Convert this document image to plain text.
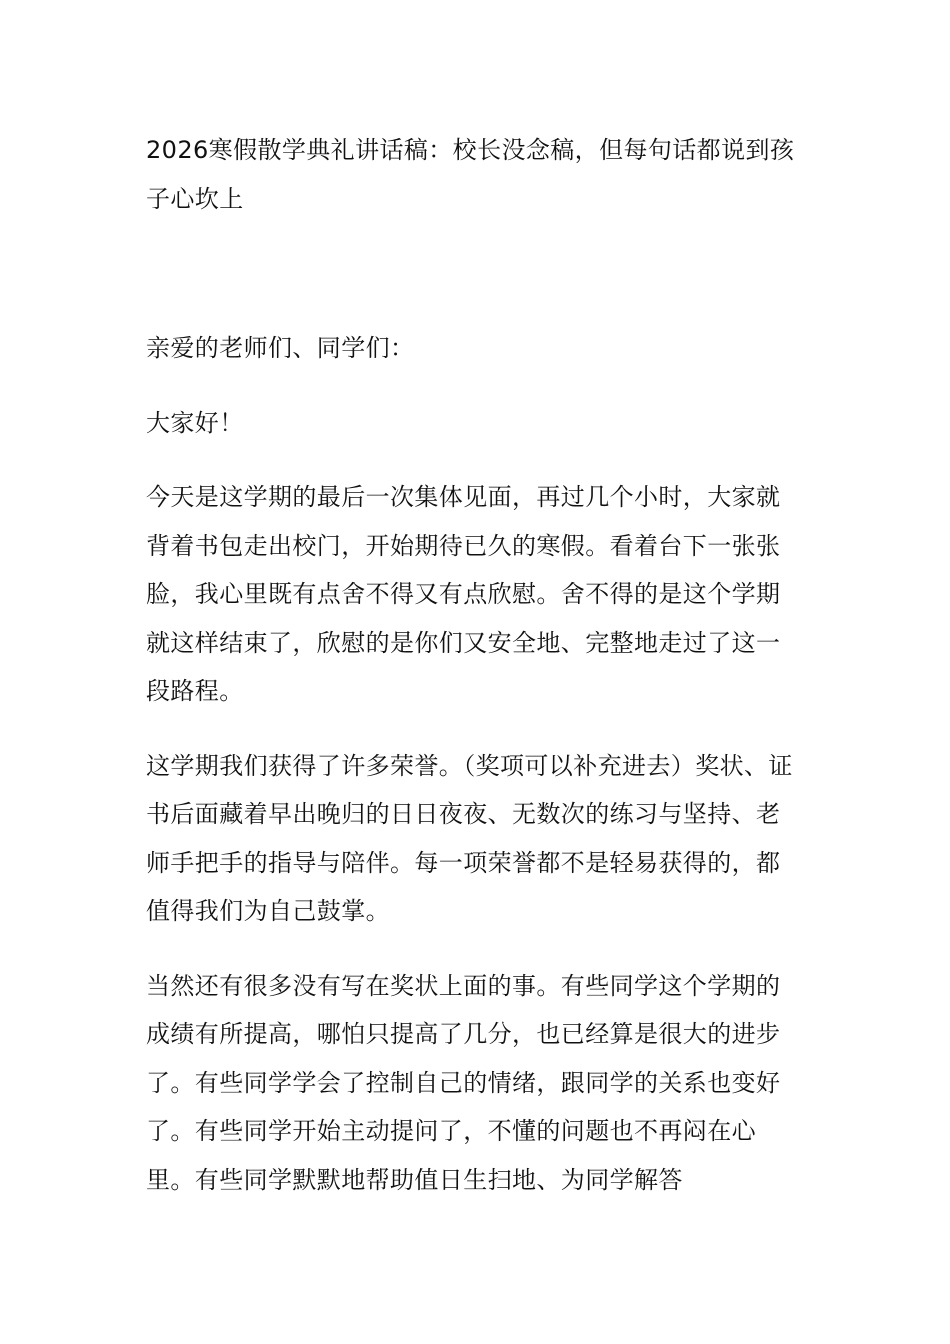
2026寒假散学典礼讲话稿：校长没念稿，但每句话都说到孩子心坎上

亲爱的老师们、同学们：

大家好！

今天是这学期的最后一次集体见面，再过几个小时，大家就背着书包走出校门，开始期待已久的寒假。看着台下一张张脸，我心里既有点舍不得又有点欣慰。舍不得的是这个学期就这样结束了，欣慰的是你们又安全地、完整地走过了这一段路程。

这学期我们获得了许多荣誉。（奖项可以补充进去）奖状、证书后面藏着早出晚归的日日夜夜、无数次的练习与坚持、老师手把手的指导与陪伴。每一项荣誉都不是轻易获得的，都值得我们为自己鼓掌。

当然还有很多没有写在奖状上面的事。有些同学这个学期的成绩有所提高，哪怕只提高了几分，也已经算是很大的进步了。有些同学学会了控制自己的情绪，跟同学的关系也变好了。有些同学开始主动提问了，不懂的问题也不再闷在心里。有些同学默默地帮助值日生扫地、为同学解答
